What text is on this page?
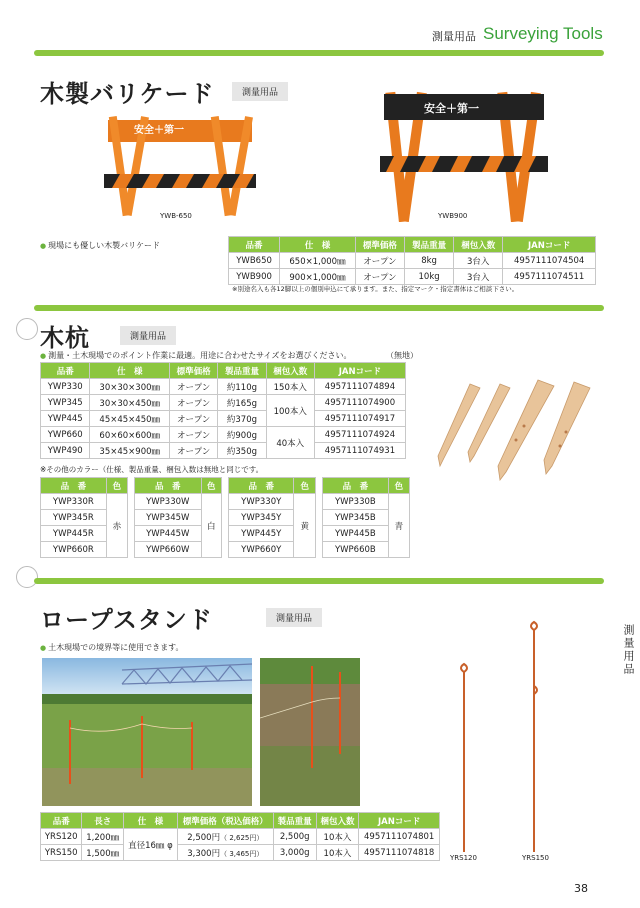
測量用品 Surveying Tools
木製バリケード	測量用品
安全＋第一
YWB-650
安全＋第一
YWB900
● 現場にも優しい木製バリケード	品番	仕　様	標準価格	製品重量	梱包入数	JANコード
YWB650	650×1,000㎜	オープン	8kg	3台入	4957111074504
YWB900	900×1,000㎜	オープン	10kg	3台入	4957111074511
※別途名入も各12脚以上の個別申込にて承ります。また、指定マーク・指定書体はご相談下さい。
木杭	測量用品
● 測量・土木現場でのポイント作業に最適。用途に合わせたサイズをお選びください。	（無地）
品番	仕　様	標準価格	製品重量	梱包入数	JANコード
YWP330	30×30×300㎜	オープン	約110g	150本入	4957111074894
YWP345	30×30×450㎜	オープン	約165g	100本入	4957111074900
YWP445	45×45×450㎜	オープン	約370g		4957111074917
YWP660	60×60×600㎜	オープン	約900g	40本入	4957111074924
YWP490	35×45×900㎜	オープン	約350g		4957111074931
※その他のカラー（仕様、製品重量、梱包入数は無地と同じです。
品　番	色
YWP330R	赤
YWP345R	
YWP445R	
YWP660R	
品　番	色
YWP330W	白
YWP345W	
YWP445W	
YWP660W	
品　番	色
YWP330Y	黄
YWP345Y	
YWP445Y	
YWP660Y	
品　番	色
YWP330B	青
YWP345B	
YWP445B	
YWP660B	
ロープスタンド	測量用品
● 土木現場での境界等に使用できます。
YRS120	YRS150
品番	長さ	仕　様	標準価格（税込価格）	製品重量	梱包入数	JANコード
YRS120	1,200㎜	直径16㎜ φ	2,500円（ 2,625円）	2,500g	10本入	4957111074801
YRS150	1,500㎜		3,300円（ 3,465円）	3,000g	10本入	4957111074818
測量用品
38
